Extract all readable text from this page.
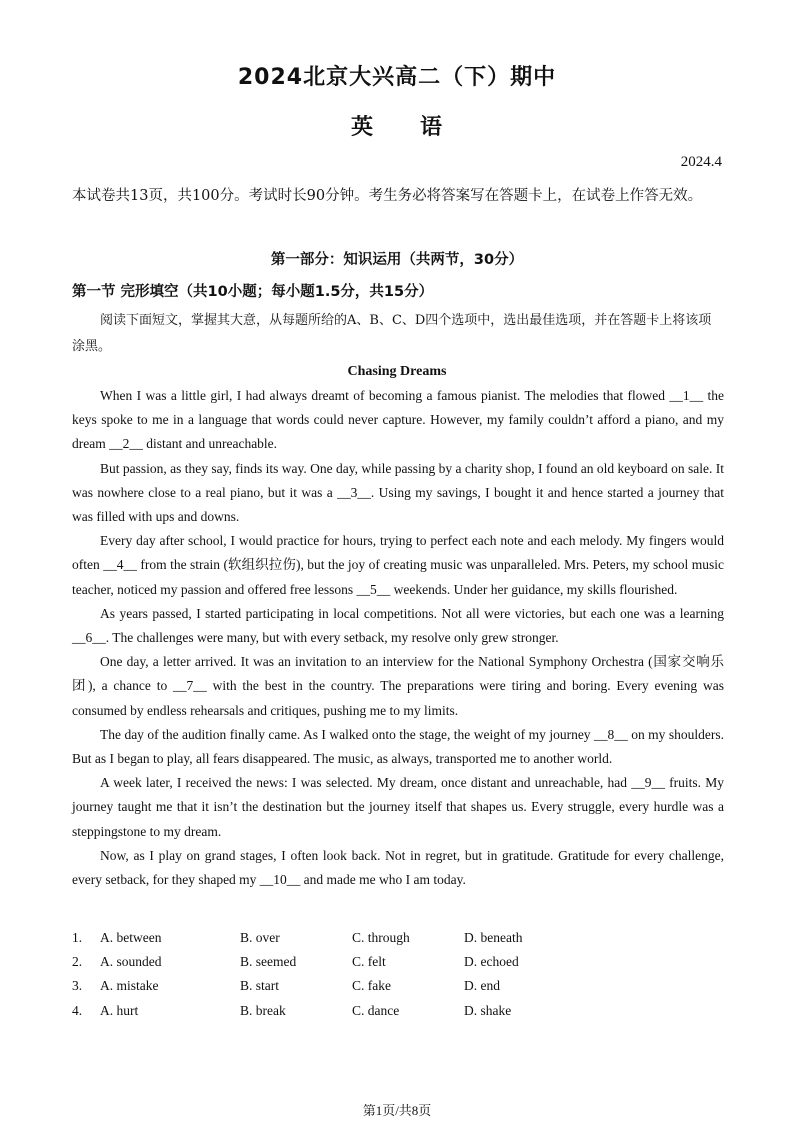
2024北京大兴高二（下）期中
英　　语
2024.4
本试卷共13页，共100分。考试时长90分钟。考生务必将答案写在答题卡上，在试卷上作答无效。
第一部分：知识运用（共两节，30分）
第一节 完形填空（共10小题；每小题1.5分，共15分）
阅读下面短文，掌握其大意，从每题所给的A、B、C、D四个选项中，选出最佳选项，并在答题卡上将该项涂黑。
Chasing Dreams

When I was a little girl, I had always dreamt of becoming a famous pianist. The melodies that flowed __1__ the keys spoke to me in a language that words could never capture. However, my family couldn’t afford a piano, and my dream __2__ distant and unreachable.

But passion, as they say, finds its way. One day, while passing by a charity shop, I found an old keyboard on sale. It was nowhere close to a real piano, but it was a __3__. Using my savings, I bought it and hence started a journey that was filled with ups and downs.

Every day after school, I would practice for hours, trying to perfect each note and each melody. My fingers would often __4__ from the strain (软组织拉伤), but the joy of creating music was unparalleled. Mrs. Peters, my school music teacher, noticed my passion and offered free lessons __5__ weekends. Under her guidance, my skills flourished.

As years passed, I started participating in local competitions. Not all were victories, but each one was a learning __6__. The challenges were many, but with every setback, my resolve only grew stronger.

One day, a letter arrived. It was an invitation to an interview for the National Symphony Orchestra (国家交响乐团), a chance to __7__ with the best in the country. The preparations were tiring and boring. Every evening was consumed by endless rehearsals and critiques, pushing me to my limits.

The day of the audition finally came. As I walked onto the stage, the weight of my journey __8__ on my shoulders. But as I began to play, all fears disappeared. The music, as always, transported me to another world.

A week later, I received the news: I was selected. My dream, once distant and unreachable, had __9__ fruits. My journey taught me that it isn’t the destination but the journey itself that shapes us. Every struggle, every hurdle was a steppingstone to my dream.

Now, as I play on grand stages, I often look back. Not in regret, but in gratitude. Gratitude for every challenge, every setback, for they shaped my __10__ and made me who I am today.

1. A. between	B. over	C. through	D. beneath
2. A. sounded	B. seemed	C. felt	D. echoed
3. A. mistake	B. start	C. fake	D. end
4. A. hurt	B. break	C. dance	D. shake
第1页/共8页
